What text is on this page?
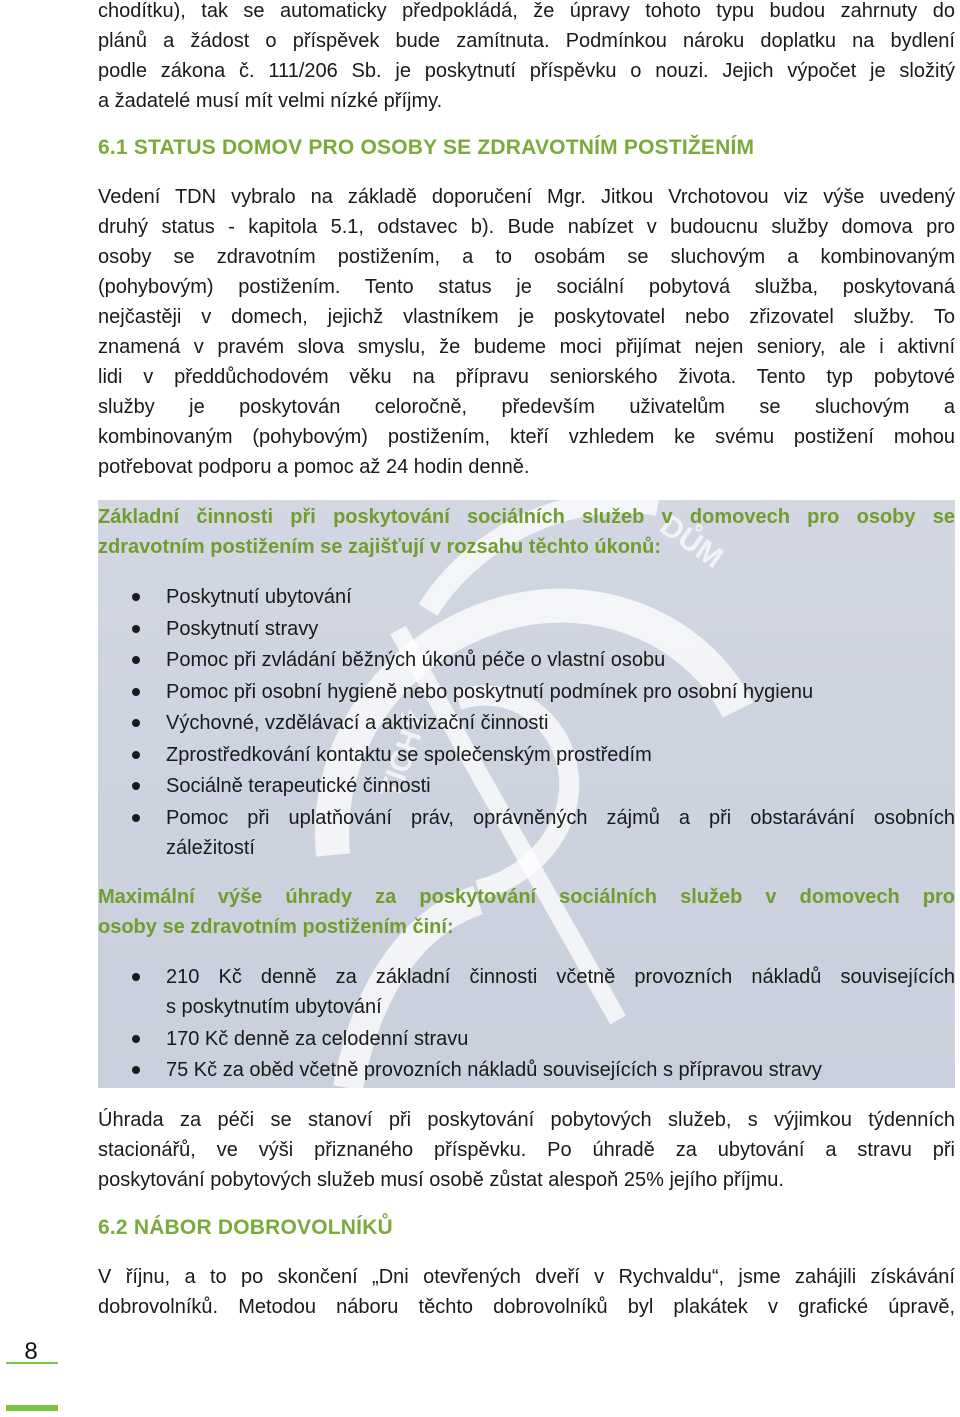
chodítku), tak se automaticky předpokládá, že úpravy tohoto typu budou zahrnuty do
plánů a žádost o příspěvek bude zamítnuta. Podmínkou nároku doplatku na bydlení
podle zákona č. 111/206 Sb. je poskytnutí příspěvku o nouzi. Jejich výpočet je složitý
a žadatelé musí mít velmi nízké příjmy.
6.1 STATUS DOMOV PRO OSOBY SE ZDRAVOTNÍM POSTIŽENÍM
Vedení TDN vybralo na základě doporučení Mgr. Jitkou Vrchotovou viz výše uvedený
druhý status - kapitola 5.1, odstavec b). Bude nabízet v budoucnu služby domova pro
osoby se zdravotním postižením, a to osobám se sluchovým a kombinovaným
(pohybovým) postižením. Tento status je sociální pobytová služba, poskytovaná
nejčastěji v domech, jejichž vlastníkem je poskytovatel nebo zřizovatel služby. To
znamená v pravém slova smyslu, že budeme moci přijímat nejen seniory, ale i aktivní
lidi v předdůchodovém věku na přípravu seniorského života. Tento typ pobytové
služby je poskytován celoročně, především uživatelům se sluchovým a
kombinovaným (pohybovým) postižením, kteří vzhledem ke svému postižení mohou
potřebovat podporu a pomoc až 24 hodin denně.
TICHÝ
DŮM
Základní činnosti při poskytování sociálních služeb v domovech pro osoby se
zdravotním postižením se zajišťují v rozsahu těchto úkonů:
Poskytnutí ubytování
Poskytnutí stravy
Pomoc při zvládání běžných úkonů péče o vlastní osobu
Pomoc při osobní hygieně nebo poskytnutí podmínek pro osobní hygienu
Výchovné, vzdělávací a aktivizační činnosti
Zprostředkování kontaktu se společenským prostředím
Sociálně terapeutické činnosti
Pomoc při uplatňování práv, oprávněných zájmů a při obstarávání osobních
záležitostí
Maximální výše úhrady za poskytování sociálních služeb v domovech pro
osoby se zdravotním postižením činí:
210 Kč denně za základní činnosti včetně provozních nákladů souvisejících
s poskytnutím ubytování
170 Kč denně za celodenní stravu
75 Kč za oběd včetně provozních nákladů souvisejících s přípravou stravy
Úhrada za péči se stanoví při poskytování pobytových služeb, s výjimkou týdenních
stacionářů, ve výši přiznaného příspěvku. Po úhradě za ubytování a stravu při
poskytování pobytových služeb musí osobě zůstat alespoň 25% jejího příjmu.
6.2 NÁBOR DOBROVOLNÍKŮ
V říjnu, a to po skončení „Dni otevřených dveří v Rychvaldu“, jsme zahájili získávání
dobrovolníků. Metodou náboru těchto dobrovolníků byl plakátek v grafické úpravě,
8
